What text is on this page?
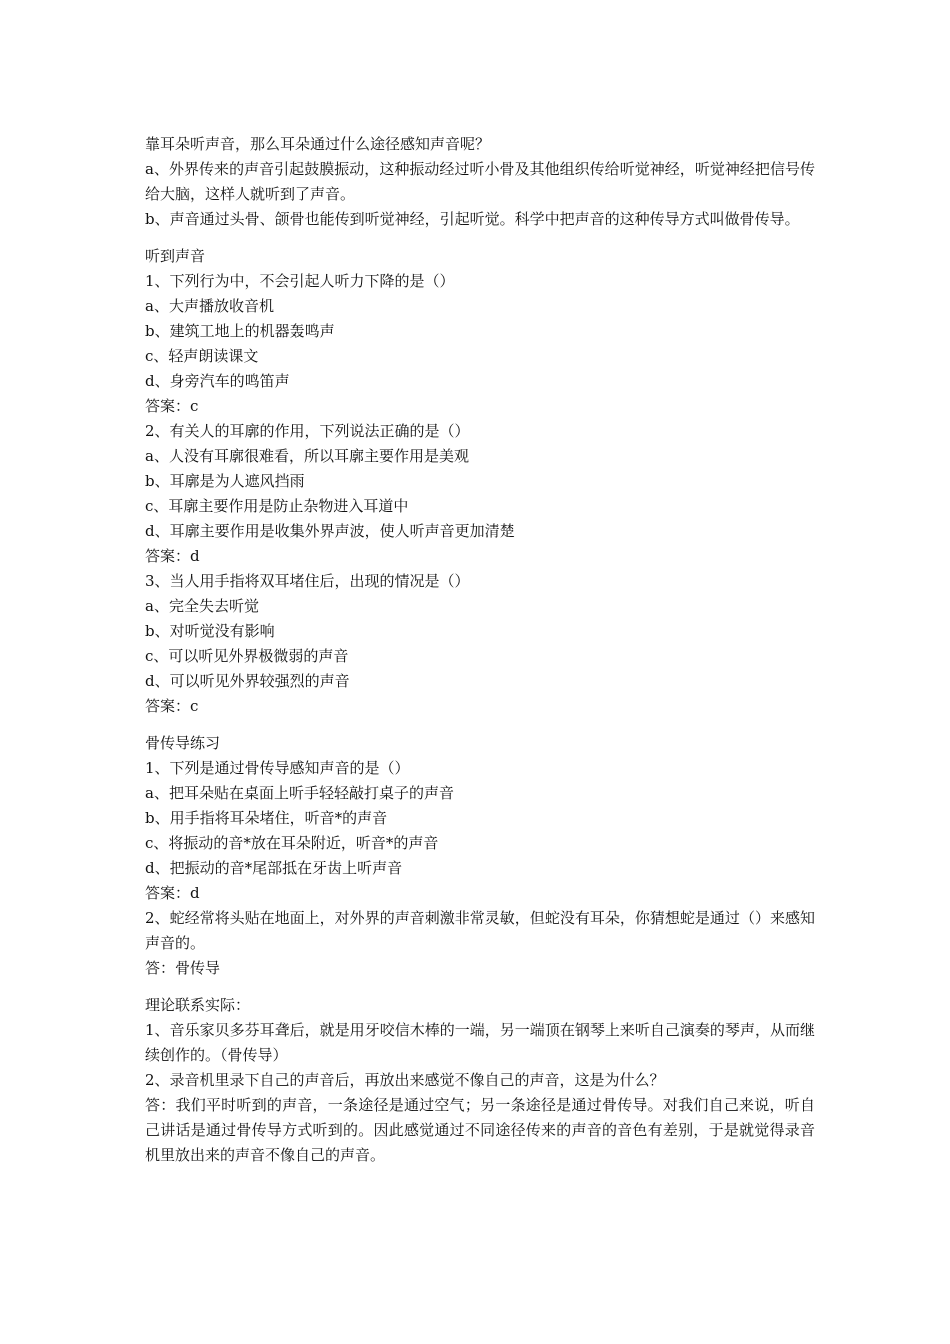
靠耳朵听声音，那么耳朵通过什么途径感知声音呢？
a、外界传来的声音引起鼓膜振动，这种振动经过听小骨及其他组织传给听觉神经，听觉神经把信号传给大脑，这样人就听到了声音。
b、声音通过头骨、颌骨也能传到听觉神经，引起听觉。科学中把声音的这种传导方式叫做骨传导。
听到声音
1、下列行为中，不会引起人听力下降的是（）
a、大声播放收音机
b、建筑工地上的机器轰鸣声
c、轻声朗读课文
d、身旁汽车的鸣笛声
答案：c
2、有关人的耳廓的作用，下列说法正确的是（）
a、人没有耳廓很难看，所以耳廓主要作用是美观
b、耳廓是为人遮风挡雨
c、耳廓主要作用是防止杂物进入耳道中
d、耳廓主要作用是收集外界声波，使人听声音更加清楚
答案：d
3、当人用手指将双耳堵住后，出现的情况是（）
a、完全失去听觉
b、对听觉没有影响
c、可以听见外界极微弱的声音
d、可以听见外界较强烈的声音
答案：c
骨传导练习
1、下列是通过骨传导感知声音的是（）
a、把耳朵贴在桌面上听手轻轻敲打桌子的声音
b、用手指将耳朵堵住，听音*的声音
c、将振动的音*放在耳朵附近，听音*的声音
d、把振动的音*尾部抵在牙齿上听声音
答案：d
2、蛇经常将头贴在地面上，对外界的声音刺激非常灵敏，但蛇没有耳朵，你猜想蛇是通过（）来感知声音的。
答：骨传导
理论联系实际：
1、音乐家贝多芬耳聋后，就是用牙咬信木棒的一端，另一端顶在钢琴上来听自己演奏的琴声，从而继续创作的。（骨传导）
2、录音机里录下自己的声音后，再放出来感觉不像自己的声音，这是为什么？
答：我们平时听到的声音，一条途径是通过空气；另一条途径是通过骨传导。对我们自己来说，听自己讲话是通过骨传导方式听到的。因此感觉通过不同途径传来的声音的音色有差别，于是就觉得录音机里放出来的声音不像自己的声音。
